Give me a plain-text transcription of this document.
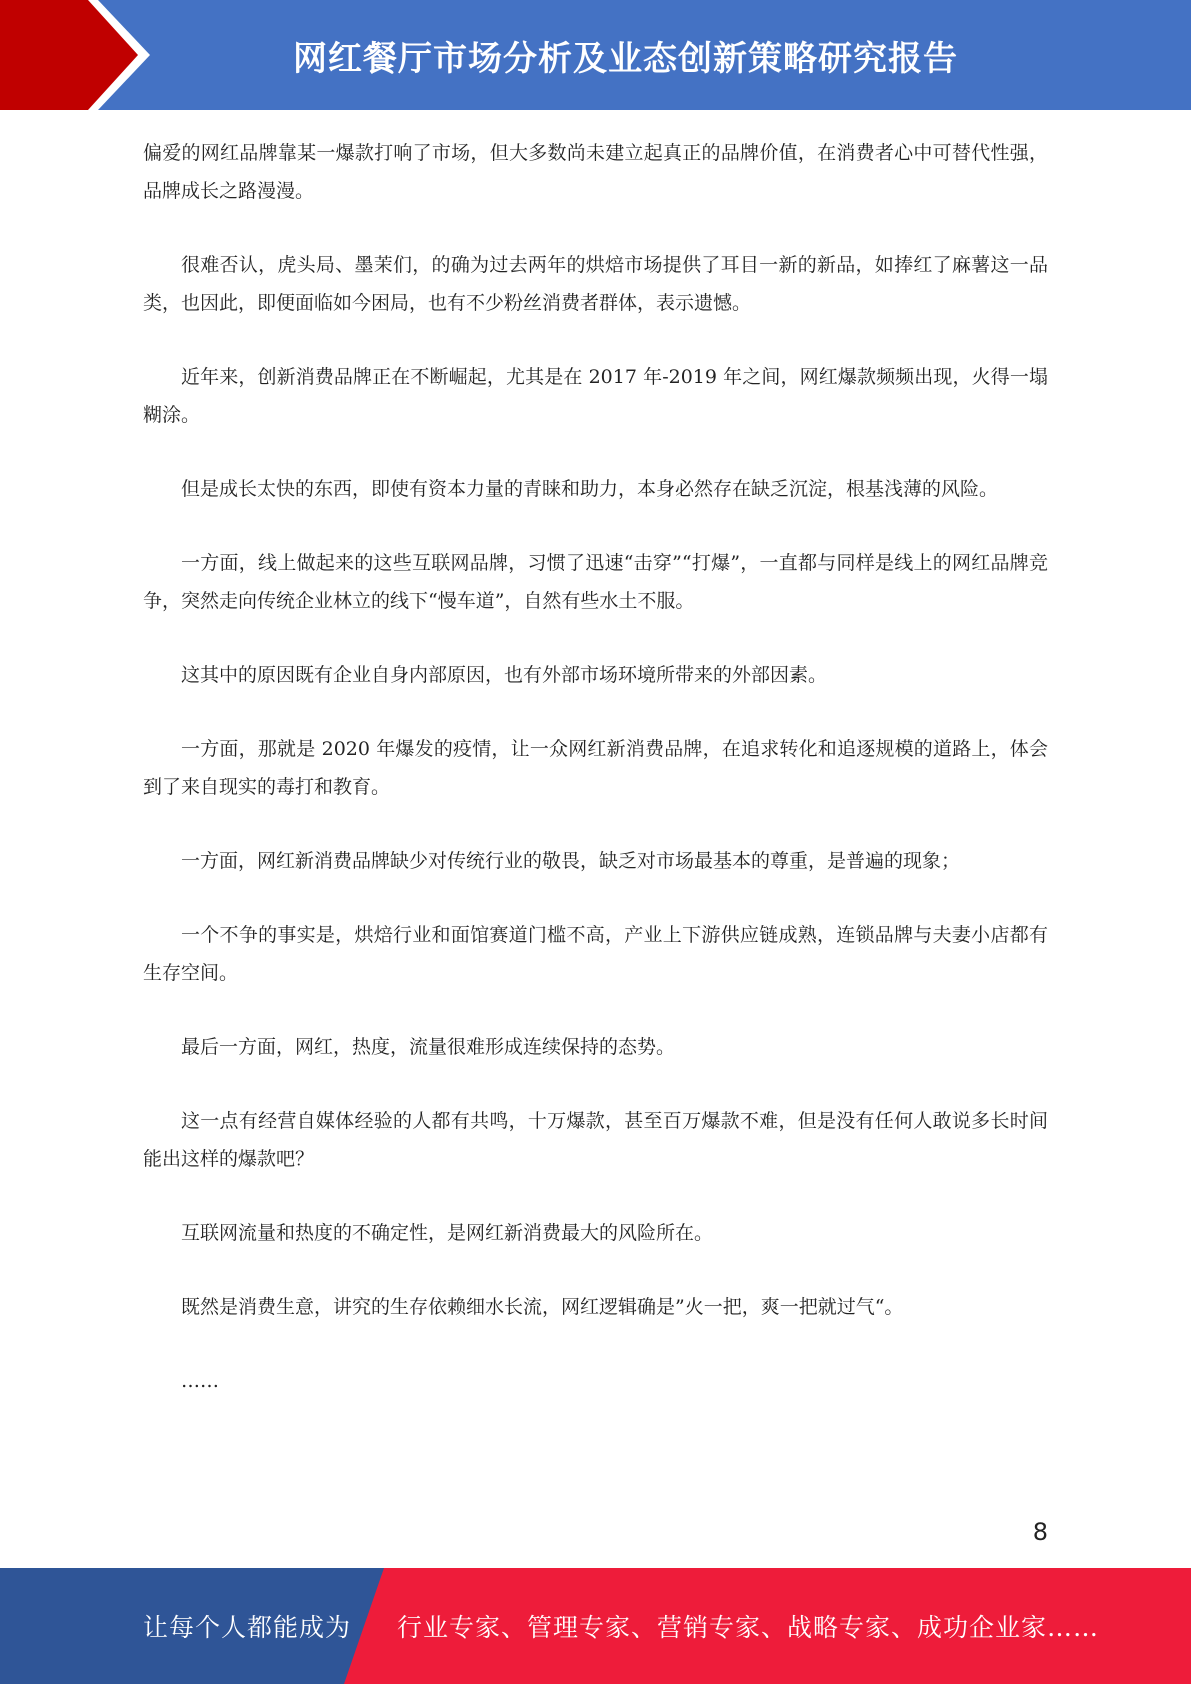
网红餐厅市场分析及业态创新策略研究报告

偏爱的网红品牌靠某一爆款打响了市场，但大多数尚未建立起真正的品牌价值，在消费者心中可替代性强，品牌成长之路漫漫。

很难否认，虎头局、墨茉们，的确为过去两年的烘焙市场提供了耳目一新的新品，如捧红了麻薯这一品类，也因此，即便面临如今困局，也有不少粉丝消费者群体，表示遗憾。

近年来，创新消费品牌正在不断崛起，尤其是在 2017 年-2019 年之间，网红爆款频频出现，火得一塌糊涂。

但是成长太快的东西，即使有资本力量的青睐和助力，本身必然存在缺乏沉淀，根基浅薄的风险。

一方面，线上做起来的这些互联网品牌，习惯了迅速“击穿”“打爆”，一直都与同样是线上的网红品牌竞争，突然走向传统企业林立的线下“慢车道”，自然有些水土不服。

这其中的原因既有企业自身内部原因，也有外部市场环境所带来的外部因素。

一方面，那就是 2020 年爆发的疫情，让一众网红新消费品牌，在追求转化和追逐规模的道路上，体会到了来自现实的毒打和教育。

一方面，网红新消费品牌缺少对传统行业的敬畏，缺乏对市场最基本的尊重，是普遍的现象；

一个不争的事实是，烘焙行业和面馆赛道门槛不高，产业上下游供应链成熟，连锁品牌与夫妻小店都有生存空间。

最后一方面，网红，热度，流量很难形成连续保持的态势。

这一点有经营自媒体经验的人都有共鸣，十万爆款，甚至百万爆款不难，但是没有任何人敢说多长时间能出这样的爆款吧？

互联网流量和热度的不确定性，是网红新消费最大的风险所在。

既然是消费生意，讲究的生存依赖细水长流，网红逻辑确是”火一把，爽一把就过气“。

……

8
让每个人都能成为 行业专家、管理专家、营销专家、战略专家、成功企业家……
